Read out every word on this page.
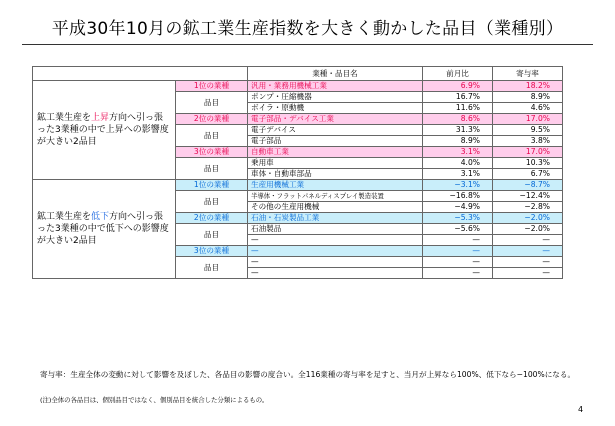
平成30年10月の鉱工業生産指数を大きく動かした品目（業種別）
		業種・品目名	前月比	寄与率
鉱工業生産を上昇方向へ引っ張った3業種の中で上昇への影響度が大きい2品目	1位の業種	汎用・業務用機械工業	6.9%	18.2%
	品目	ポンプ・圧縮機器	16.7%	8.9%
		ボイラ・原動機	11.6%	4.6%
	2位の業種	電子部品・デバイス工業	8.6%	17.0%
	品目	電子デバイス	31.3%	9.5%
		電子部品	8.9%	3.8%
	3位の業種	自動車工業	3.1%	17.0%
	品目	乗用車	4.0%	10.3%
		車体・自動車部品	3.1%	6.7%
鉱工業生産を低下方向へ引っ張った3業種の中で低下への影響度が大きい2品目	1位の業種	生産用機械工業	−3.1%	−8.7%
	品目	半導体・フラットパネルディスプレイ製造装置	−16.8%	−12.4%
		その他の生産用機械	−4.9%	−2.8%
	2位の業種	石油・石炭製品工業	−5.3%	−2.0%
	品目	石油製品	−5.6%	−2.0%
		—	—	—
	3位の業種	—	—	—
	品目	—	—	—
		—	—	—
寄与率：生産全体の変動に対して影響を及ぼした、各品目の影響の度合い。全116業種の寄与率を足すと、当月が上昇なら100%、低下なら−100%になる。
(注)全体の各品目は、個別品目ではなく、個別品目を統合した分類によるもの。
4
